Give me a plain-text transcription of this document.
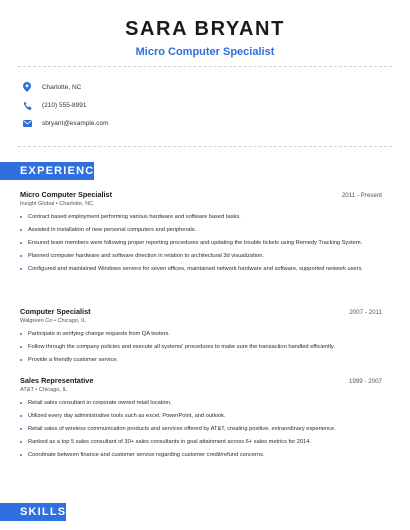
SARA BRYANT
Micro Computer Specialist
Charlotte, NC
(210) 555-8991
sbryant@example.com
EXPERIENCE
Micro Computer Specialist	2011 - Present
Insight Global • Charlotte, NC
Contract based employment performing various hardware and software based tasks.
Assisted in installation of new personal computers and peripherals.
Ensured team members were following proper reporting procedures and updating the trouble tickets using Remedy Tracking System.
Planned computer hardware and software direction in relation to architectural 3d visualization.
Configured and maintained Windows servers for seven offices, maintained network hardware and software, supported network users.
Computer Specialist	2007 - 2011
Walgreen Co • Chicago, IL
Participate in verifying change requests from QA testers.
Follow through the company policies and execute all systems' procedures to make sure the transaction handled efficiently.
Provide a friendly customer service.
Sales Representative	1999 - 2007
AT&T • Chicago, IL
Retail sales consultant in corporate owned retail location.
Utilized every day administrative tools such as excel, PowerPoint, and outlook.
Retail sales of wireless communication products and services offered by AT&T, creating positive, extraordinary experience.
Ranked as a top 5 sales consultant of 30+ sales consultants in goal attainment across 6+ sales metrics for 2014.
Coordinate between finance and customer service regarding customer credit/refund concerns.
SKILLS
